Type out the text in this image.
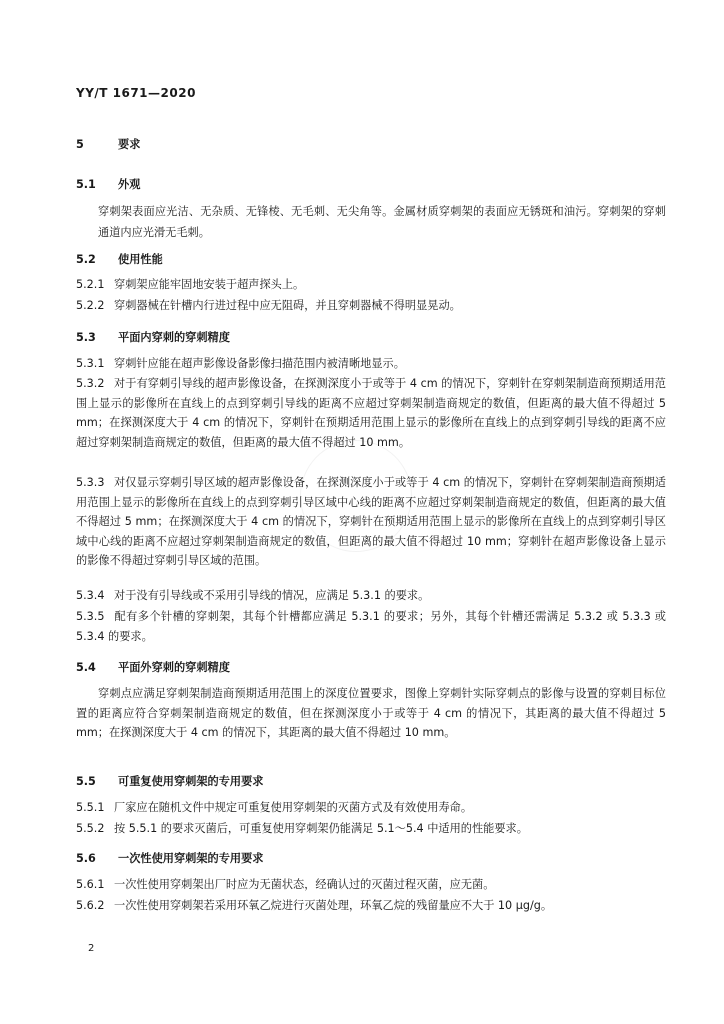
YY/T 1671—2020
5	要求
5.1 外观
穿刺架表面应光洁、无杂质、无锋棱、无毛刺、无尖角等。金属材质穿刺架的表面应无锈斑和油污。穿刺架的穿刺通道内应光滑无毛刺。
5.2 使用性能
5.2.1 穿刺架应能牢固地安装于超声探头上。
5.2.2 穿刺器械在针槽内行进过程中应无阻碍，并且穿刺器械不得明显晃动。
5.3 平面内穿刺的穿刺精度
5.3.1 穿刺针应能在超声影像设备影像扫描范围内被清晰地显示。
5.3.2 对于有穿刺引导线的超声影像设备，在探测深度小于或等于 4 cm 的情况下，穿刺针在穿刺架制造商预期适用范围上显示的影像所在直线上的点到穿刺引导线的距离不应超过穿刺架制造商规定的数值，但距离的最大值不得超过 5 mm；在探测深度大于 4 cm 的情况下，穿刺针在预期适用范围上显示的影像所在直线上的点到穿刺引导线的距离不应超过穿刺架制造商规定的数值，但距离的最大值不得超过 10 mm。
5.3.3 对仅显示穿刺引导区域的超声影像设备，在探测深度小于或等于 4 cm 的情况下，穿刺针在穿刺架制造商预期适用范围上显示的影像所在直线上的点到穿刺引导区域中心线的距离不应超过穿刺架制造商规定的数值，但距离的最大值不得超过 5 mm；在探测深度大于 4 cm 的情况下，穿刺针在预期适用范围上显示的影像所在直线上的点到穿刺引导区域中心线的距离不应超过穿刺架制造商规定的数值，但距离的最大值不得超过 10 mm；穿刺针在超声影像设备上显示的影像不得超过穿刺引导区域的范围。
5.3.4 对于没有引导线或不采用引导线的情况，应满足 5.3.1 的要求。
5.3.5 配有多个针槽的穿刺架，其每个针槽都应满足 5.3.1 的要求；另外，其每个针槽还需满足 5.3.2 或 5.3.3 或 5.3.4 的要求。
5.4 平面外穿刺的穿刺精度
穿刺点应满足穿刺架制造商预期适用范围上的深度位置要求，图像上穿刺针实际穿刺点的影像与设置的穿刺目标位置的距离应符合穿刺架制造商规定的数值，但在探测深度小于或等于 4 cm 的情况下，其距离的最大值不得超过 5 mm；在探测深度大于 4 cm 的情况下，其距离的最大值不得超过 10 mm。
5.5 可重复使用穿刺架的专用要求
5.5.1 厂家应在随机文件中规定可重复使用穿刺架的灭菌方式及有效使用寿命。
5.5.2 按 5.5.1 的要求灭菌后，可重复使用穿刺架仍能满足 5.1～5.4 中适用的性能要求。
5.6 一次性使用穿刺架的专用要求
5.6.1 一次性使用穿刺架出厂时应为无菌状态，经确认过的灭菌过程灭菌，应无菌。
5.6.2 一次性使用穿刺架若采用环氧乙烷进行灭菌处理，环氧乙烷的残留量应不大于 10 μg/g。
2
